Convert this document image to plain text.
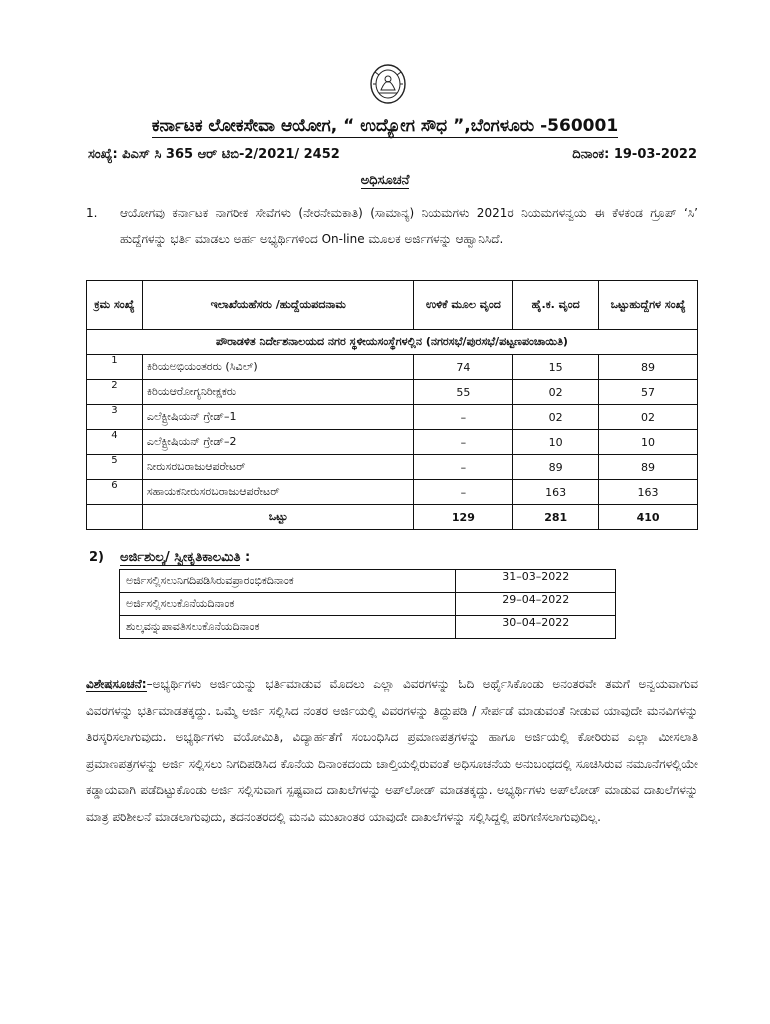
ಕರ್ನಾಟಕ ಲೋಕಸೇವಾ ಆಯೋಗ, “ ಉದ್ಯೋಗ ಸೌಧ ”,ಬೆಂಗಳೂರು -560001
ಸಂಖ್ಯೆ: ಪಿಎಸ್ ಸಿ 365 ಆರ್ ಟಿಬಿ-2/2021/ 2452	ದಿನಾಂಕ: 19-03-2022
ಅಧಿಸೂಚನೆ
1. ಆಯೋಗವು ಕರ್ನಾಟಕ ನಾಗರೀಕ ಸೇವೆಗಳು (ನೇರನೇಮಕಾತಿ) (ಸಾಮಾನ್ಯ) ನಿಯಮಗಳು 2021ರ ನಿಯಮಗಳನ್ವಯ ಈ ಕೆಳಕಂಡ ಗ್ರೂಪ್ ‘ಸಿ’ ಹುದ್ದೆಗಳನ್ನು ಭರ್ತಿ ಮಾಡಲು ಅರ್ಹ ಅಭ್ಯರ್ಥಿಗಳಿಂದ On-line ಮೂಲಕ ಅರ್ಜಿಗಳನ್ನು ಆಹ್ವಾನಿಸಿದೆ.
ಕ್ರಮ ಸಂಖ್ಯೆ	ಇಲಾಖೆಯಹೆಸರು /ಹುದ್ದೆಯಪದನಾಮ	ಉಳಿಕೆ ಮೂಲ ವೃಂದ	ಹೈ.ಕ. ವೃಂದ	ಒಟ್ಟುಹುದ್ದೆಗಳ ಸಂಖ್ಯೆ
ಪೌರಾಡಳಿತ ನಿರ್ದೇಶನಾಲಯದ ನಗರ ಸ್ಥಳೀಯಸಂಸ್ಥೆಗಳಲ್ಲಿನ (ನಗರಸಭೆ/ಪುರಸಭೆ/ಪಟ್ಟಣಪಂಚಾಯಿತಿ)				
1	ಕಿರಿಯಅಭಿಯಂತರರು (ಸಿವಿಲ್)	74	15	89
2	ಕಿರಿಯಆರೋಗ್ಯನಿರೀಕ್ಷಕರು	55	02	57
3	ಎಲೆಕ್ಟ್ರೀಷಿಯನ್ ಗ್ರೇಡ್–1	–	02	02
4	ಎಲೆಕ್ಟ್ರೀಷಿಯನ್ ಗ್ರೇಡ್–2	–	10	10
5	ನೀರುಸರಬರಾಜುಆಪರೇಟರ್	–	89	89
6	ಸಹಾಯಕನೀರುಸರಬರಾಜುಆಪರೇಟರ್	–	163	163
	ಒಟ್ಟು	129	281	410
2) ಅರ್ಜಿಶುಲ್ಕ/ ಸ್ವೀಕೃತಿಕಾಲಮಿತಿ :
ಅರ್ಜಿಸಲ್ಲಿಸಲುನಿಗದಿಪಡಿಸಿರುವಪ್ರಾರಂಭಿಕದಿನಾಂಕ	31–03–2022
ಅರ್ಜಿಸಲ್ಲಿಸಲುಕೊನೆಯದಿನಾಂಕ	29–04–2022
ಶುಲ್ಕವನ್ನುಪಾವತಿಸಲುಕೊನೆಯದಿನಾಂಕ	30–04–2022
ವಿಶೇಷಸೂಚನೆ:–ಅಭ್ಯರ್ಥಿಗಳು ಅರ್ಜಿಯನ್ನು ಭರ್ತಿಮಾಡುವ ಮೊದಲು ಎಲ್ಲಾ ವಿವರಗಳನ್ನು ಓದಿ ಅರ್ಥೈಸಿಕೊಂಡು ಅನಂತರವೇ ತಮಗೆ ಅನ್ವಯವಾಗುವ ವಿವರಗಳನ್ನು ಭರ್ತಿಮಾಡತಕ್ಕದ್ದು. ಒಮ್ಮೆ ಅರ್ಜಿ ಸಲ್ಲಿಸಿದ ನಂತರ ಅರ್ಜಿಯಲ್ಲಿ ವಿವರಗಳನ್ನು ತಿದ್ದುಪಡಿ / ಸೇರ್ಪಡೆ ಮಾಡುವಂತೆ ನೀಡುವ ಯಾವುದೇ ಮನವಿಗಳನ್ನು ತಿರಸ್ಕರಿಸಲಾಗುವುದು. ಅಭ್ಯರ್ಥಿಗಳು ವಯೋಮಿತಿ, ವಿದ್ಯಾರ್ಹತೆಗೆ ಸಂಬಂಧಿಸಿದ ಪ್ರಮಾಣಪತ್ರಗಳನ್ನು ಹಾಗೂ ಅರ್ಜಿಯಲ್ಲಿ ಕೋರಿರುವ ಎಲ್ಲಾ ಮೀಸಲಾತಿ ಪ್ರಮಾಣಪತ್ರಗಳನ್ನು ಅರ್ಜಿ ಸಲ್ಲಿಸಲು ನಿಗದಿಪಡಿಸಿದ ಕೊನೆಯ ದಿನಾಂಕದಂದು ಚಾಲ್ತಿಯಲ್ಲಿರುವಂತೆ ಅಧಿಸೂಚನೆಯ ಅನುಬಂಧದಲ್ಲಿ ಸೂಚಿಸಿರುವ ನಮೂನೆಗಳಲ್ಲಿಯೇ ಕಡ್ಡಾಯವಾಗಿ ಪಡೆದಿಟ್ಟುಕೊಂಡು ಅರ್ಜಿ ಸಲ್ಲಿಸುವಾಗ ಸ್ಪಷ್ಟವಾದ ದಾಖಲೆಗಳನ್ನು ಅಪ್‌ಲೋಡ್ ಮಾಡತಕ್ಕದ್ದು. ಅಭ್ಯರ್ಥಿಗಳು ಅಪ್‌ಲೋಡ್ ಮಾಡುವ ದಾಖಲೆಗಳನ್ನು ಮಾತ್ರ ಪರಿಶೀಲನೆ ಮಾಡಲಾಗುವುದು, ತದನಂತರದಲ್ಲಿ ಮನವಿ ಮುಖಾಂತರ ಯಾವುದೇ ದಾಖಲೆಗಳನ್ನು ಸಲ್ಲಿಸಿದ್ದಲ್ಲಿ ಪರಿಗಣಿಸಲಾಗುವುದಿಲ್ಲ.
